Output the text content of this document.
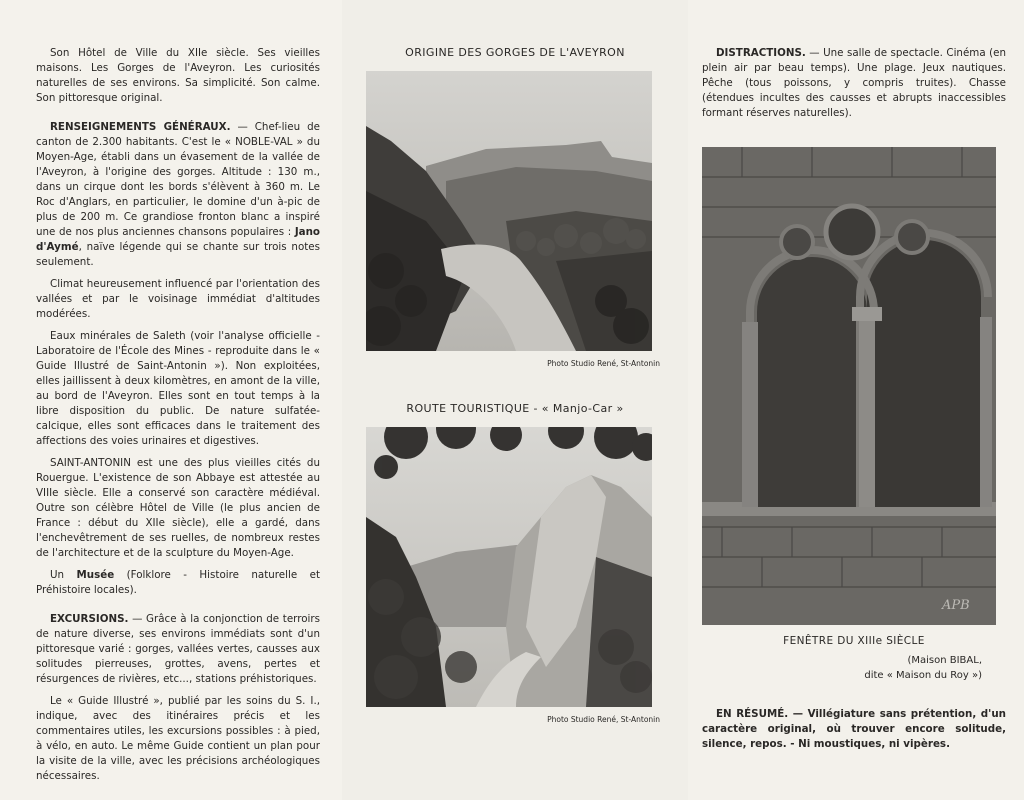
Son Hôtel de Ville du XIIe siècle. Ses vieilles maisons. Les Gorges de l'Aveyron. Les curiosités naturelles de ses environs. Sa simplicité. Son calme. Son pittoresque original.

RENSEIGNEMENTS GÉNÉRAUX. — Chef-lieu de canton de 2.300 habitants. C'est le « NOBLE-VAL » du Moyen-Age, établi dans un évasement de la vallée de l'Aveyron, à l'origine des gorges. Altitude : 130 m., dans un cirque dont les bords s'élèvent à 360 m. Le Roc d'Anglars, en particulier, le domine d'un à-pic de plus de 200 m. Ce grandiose fronton blanc a inspiré une de nos plus anciennes chansons populaires : Jano d'Aymé, naïve légende qui se chante sur trois notes seulement.

Climat heureusement influencé par l'orientation des vallées et par le voisinage immédiat d'altitudes modérées.

Eaux minérales de Saleth (voir l'analyse officielle - Laboratoire de l'École des Mines - reproduite dans le « Guide Illustré de Saint-Antonin »). Non exploitées, elles jaillissent à deux kilomètres, en amont de la ville, au bord de l'Aveyron. Elles sont en tout temps à la libre disposition du public. De nature sulfatée-calcique, elles sont efficaces dans le traitement des affections des voies urinaires et digestives.

SAINT-ANTONIN est une des plus vieilles cités du Rouergue. L'existence de son Abbaye est attestée au VIIIe siècle. Elle a conservé son caractère médiéval. Outre son célèbre Hôtel de Ville (le plus ancien de France : début du XIIe siècle), elle a gardé, dans l'enchevêtrement de ses ruelles, de nombreux restes de l'architecture et de la sculpture du Moyen-Age.

Un Musée (Folklore - Histoire naturelle et Préhistoire locales).

EXCURSIONS. — Grâce à la conjonction de terroirs de nature diverse, ses environs immédiats sont d'un pittoresque varié : gorges, vallées vertes, causses aux solitudes pierreuses, grottes, avens, pertes et résurgences de rivières, etc..., stations préhistoriques.

Le « Guide Illustré », publié par les soins du S. I., indique, avec des itinéraires précis et les commentaires utiles, les excursions possibles : à pied, à vélo, en auto. Le même Guide contient un plan pour la visite de la ville, avec les précisions archéologiques nécessaires.

ORIGINE DES GORGES DE L'AVEYRON
Photo Studio René, St-Antonin
ROUTE TOURISTIQUE - « Manjo-Car »
Photo Studio René, St-Antonin

DISTRACTIONS. — Une salle de spectacle. Cinéma (en plein air par beau temps). Une plage. Jeux nautiques. Pêche (tous poissons, y compris truites). Chasse (étendues incultes des causses et abrupts inaccessibles formant réserves naturelles).

APB
FENÊTRE DU XIIIe SIÈCLE
(Maison BIBAL,
dite « Maison du Roy »)

EN RÉSUMÉ. — Villégiature sans prétention, d'un caractère original, où trouver encore solitude, silence, repos. - Ni moustiques, ni vipères.
